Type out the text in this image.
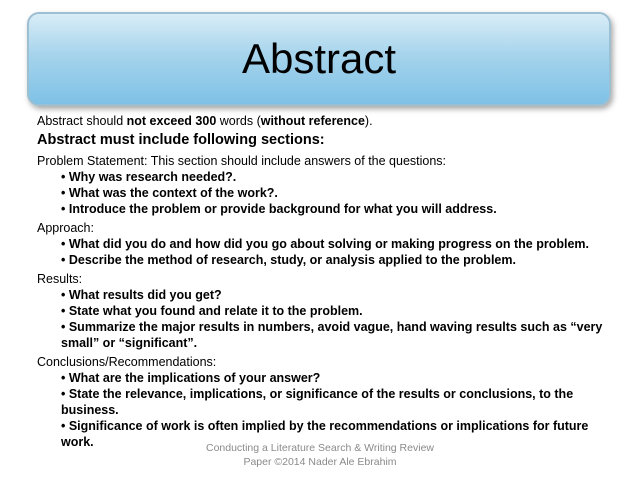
Abstract
Abstract should not exceed 300 words (without reference).
Abstract must include following sections:
Problem Statement: This section should include answers of the questions:
• Why was research needed?.
• What was the context of the work?.
• Introduce the problem or provide background for what you will address.
Approach:
• What did you do and how did you go about solving or making progress on the problem.
• Describe the method of research, study, or analysis applied to the problem.
Results:
• What results did you get?
• State what you found and relate it to the problem.
• Summarize the major results in numbers, avoid vague, hand waving results such as “very small” or “significant”.
Conclusions/Recommendations:
• What are the implications of your answer?
• State the relevance, implications, or significance of the results or conclusions, to the business.
• Significance of work is often implied by the recommendations or implications for future work.	Conducting a Literature Search & Writing Review
Paper ©2014 Nader Ale Ebrahim
